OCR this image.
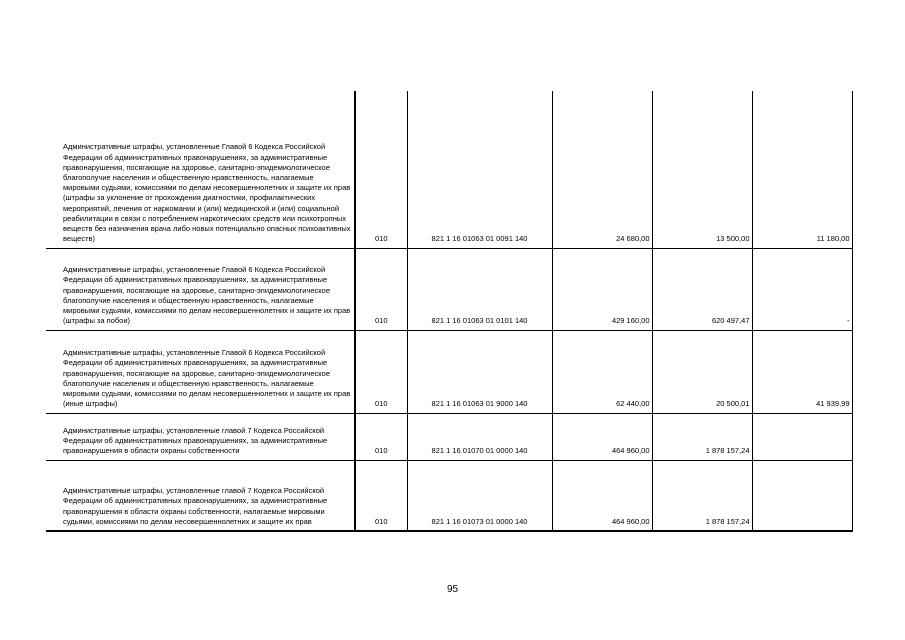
Административные штрафы, установленные Главой 6 Кодекса Российской Федерации об административных правонарушениях, за административные правонарушения, посягающие на здоровье, санитарно-эпидемиологическое благополучие населения и общественную нравственность, налагаемые мировыми судьями, комиссиями по делам несовершеннолетних и защите их прав (штрафы за уклонение от прохождения диагностики, профилактических мероприятий, лечения от наркомании и (или) медицинской и (или) социальной реабилитации в связи с потреблением наркотических средств или психотропных веществ без назначения врача либо новых потенциально опасных психоактивных веществ)	010	821 1 16 01063 01 0091 140	24 680,00	13 500,00	11 180,00

Административные штрафы, установленные Главой 6 Кодекса Российской Федерации об административных правонарушениях, за административные правонарушения, посягающие на здоровье, санитарно-эпидемиологическое благополучие населения и общественную нравственность, налагаемые мировыми судьями, комиссиями по делам несовершеннолетних и защите их прав (штрафы за побои)	010	821 1 16 01063 01 0101 140	429 160,00	620 497,47	-

Административные штрафы, установленные Главой 6 Кодекса Российской Федерации об административных правонарушениях, за административные правонарушения, посягающие на здоровье, санитарно-эпидемиологическое благополучие населения и общественную нравственность, налагаемые мировыми судьями, комиссиями по делам несовершеннолетних и защите их прав (иные штрафы)	010	821 1 16 01063 01 9000 140	62 440,00	20 500,01	41 939,99

Административные штрафы, установленные главой 7 Кодекса Российской Федерации об административных правонарушениях, за административные правонарушения в области охраны собственности	010	821 1 16 01070 01 0000 140	464 960,00	1 878 157,24	

Административные штрафы, установленные главой 7 Кодекса Российской Федерации об административных правонарушениях, за административные правонарушения в области охраны собственности, налагаемые мировыми судьями, комиссиями по делам несовершеннолетних и защите их прав	010	821 1 16 01073 01 0000 140	464 960,00	1 878 157,24	
95
